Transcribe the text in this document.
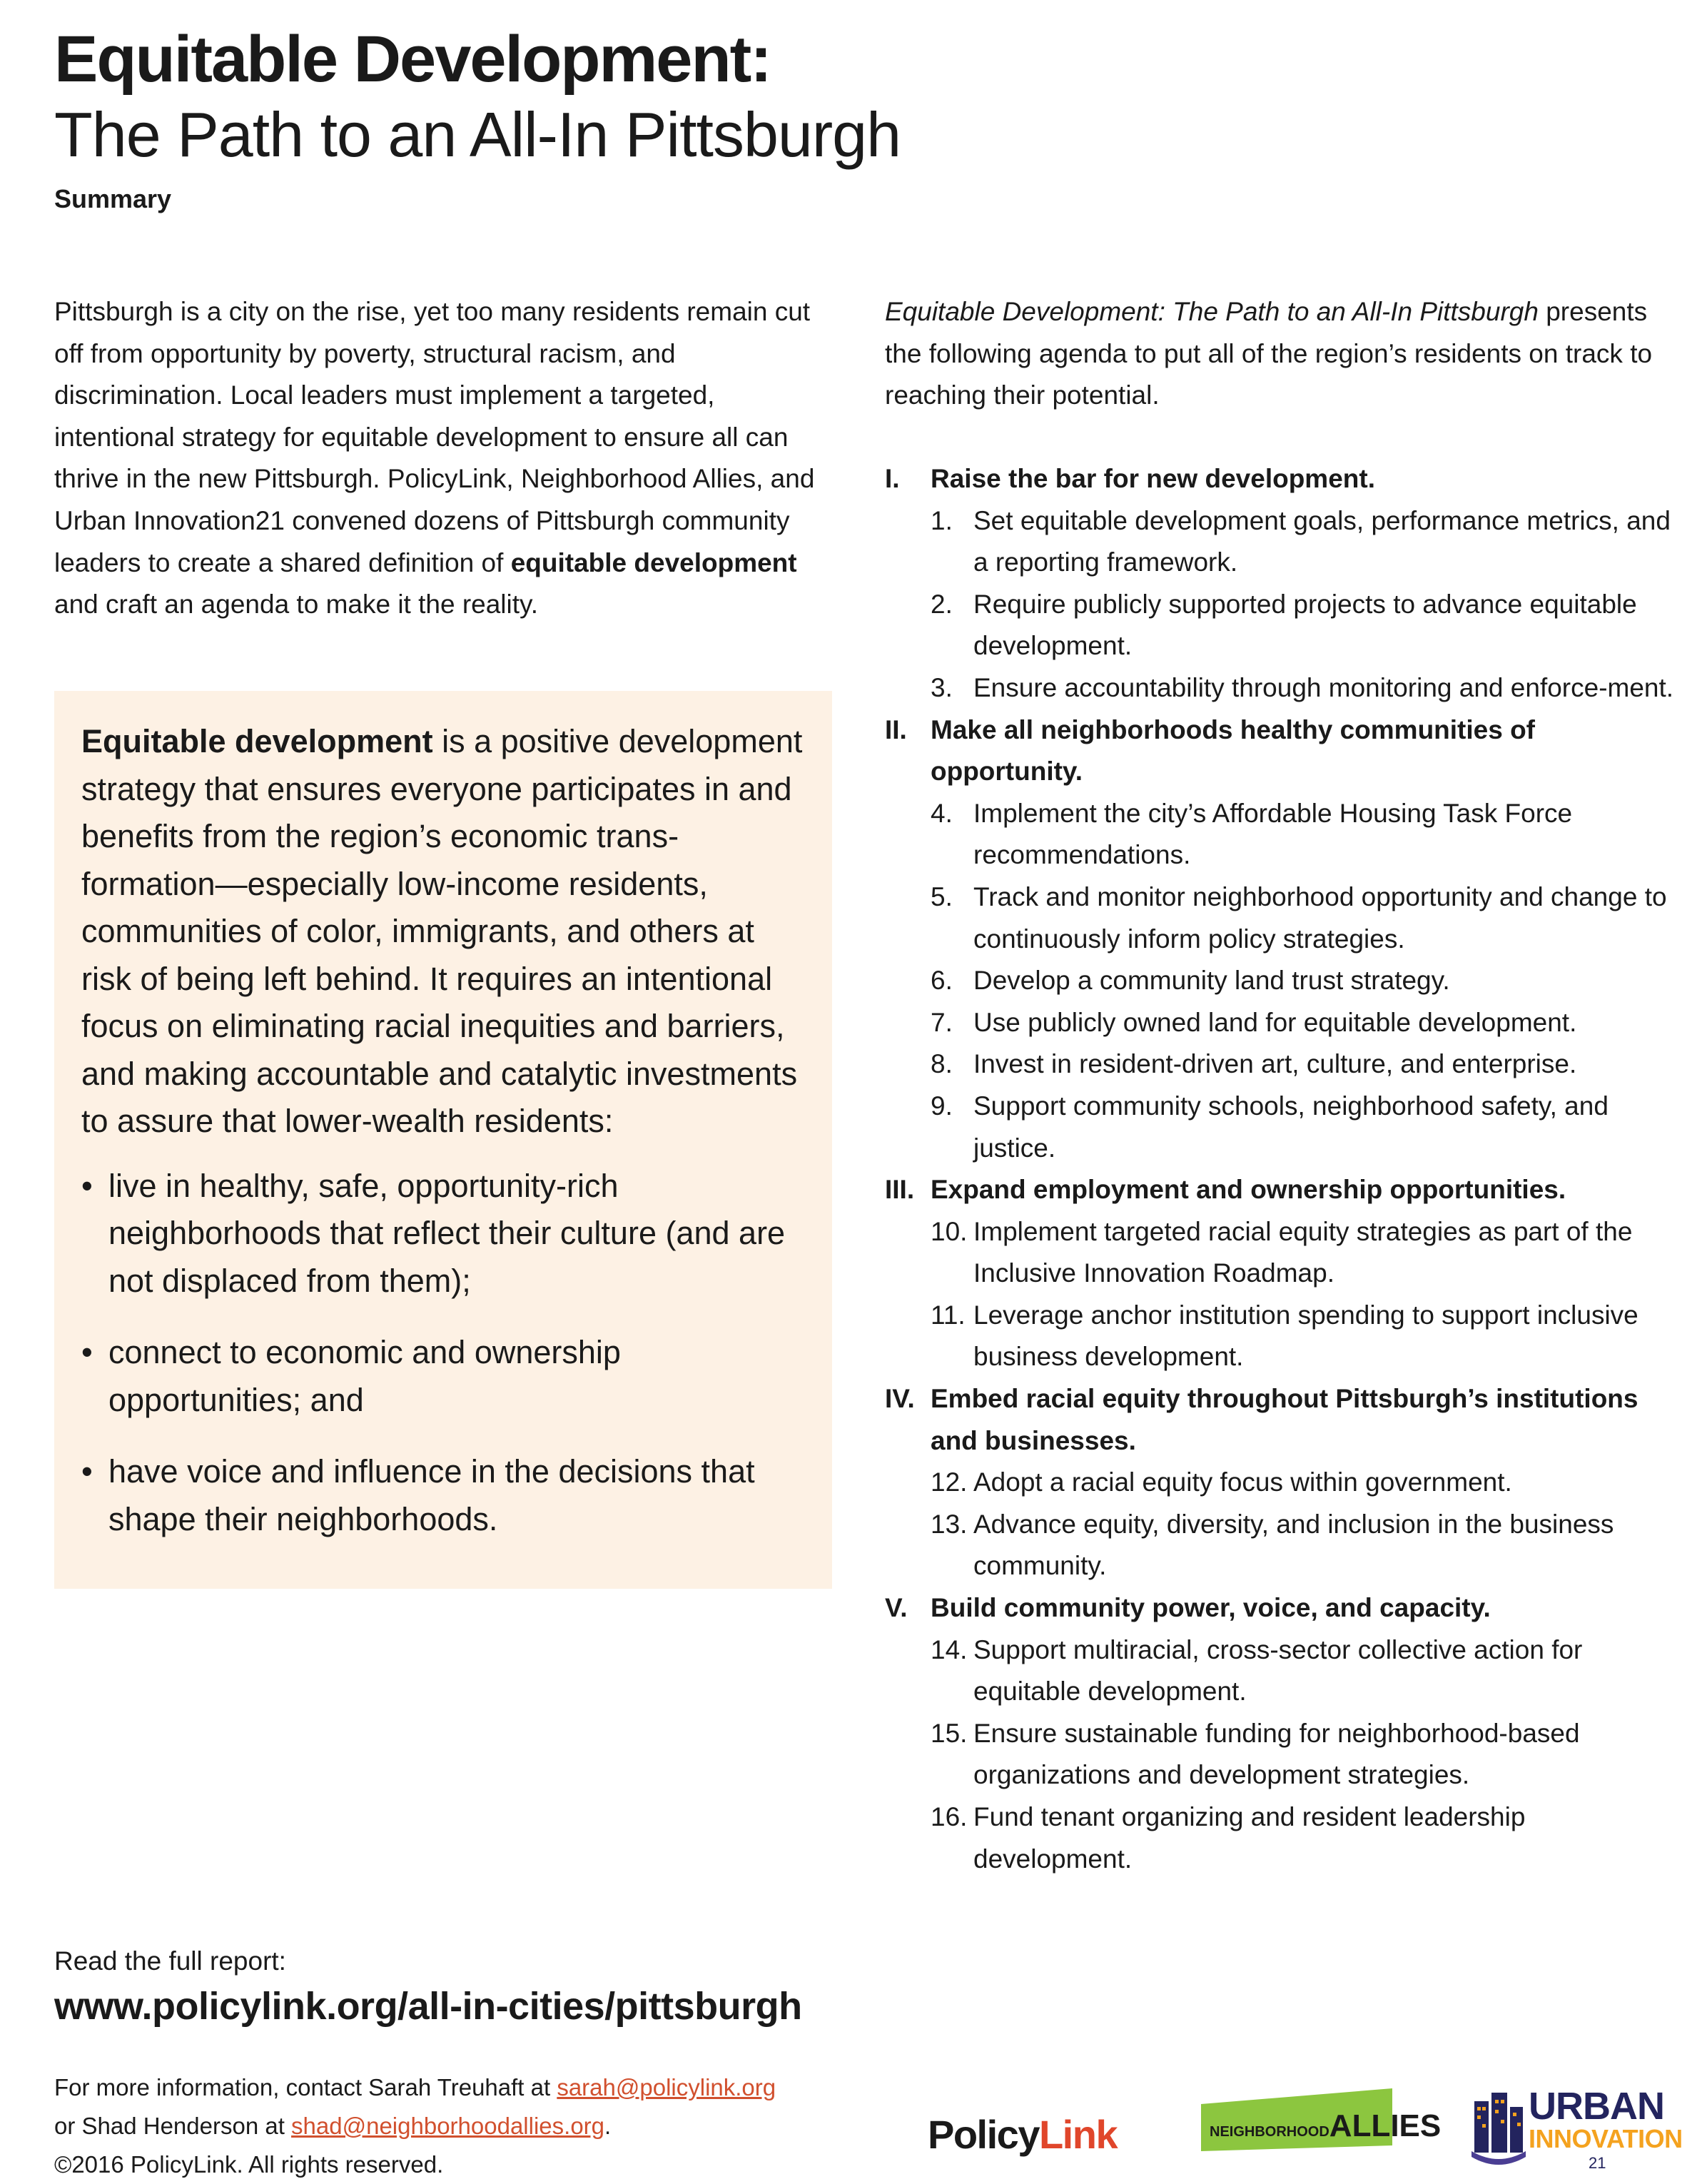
Equitable Development:
The Path to an All-In Pittsburgh
Summary

Pittsburgh is a city on the rise, yet too many residents remain cut off from opportunity by poverty, structural racism, and discrimination. Local leaders must implement a targeted, intentional strategy for equitable development to ensure all can thrive in the new Pittsburgh. PolicyLink, Neighborhood Allies, and Urban Innovation21 convened dozens of Pittsburgh community leaders to create a shared definition of equitable development and craft an agenda to make it the reality.

Equitable development is a positive development strategy that ensures everyone participates in and benefits from the region’s economic trans-formation—especially low-income residents, communities of color, immigrants, and others at risk of being left behind. It requires an intentional focus on eliminating racial inequities and barriers, and making accountable and catalytic investments to assure that lower-wealth residents:

• live in healthy, safe, opportunity-rich neighborhoods that reflect their culture (and are not displaced from them);
• connect to economic and ownership opportunities; and
• have voice and influence in the decisions that shape their neighborhoods.

Equitable Development: The Path to an All-In Pittsburgh presents the following agenda to put all of the region’s residents on track to reaching their potential.

I. Raise the bar for new development.
1. Set equitable development goals, performance metrics, and a reporting framework.
2. Require publicly supported projects to advance equitable development.
3. Ensure accountability through monitoring and enforce-ment.
II. Make all neighborhoods healthy communities of opportunity.
4. Implement the city’s Affordable Housing Task Force recommendations.
5. Track and monitor neighborhood opportunity and change to continuously inform policy strategies.
6. Develop a community land trust strategy.
7. Use publicly owned land for equitable development.
8. Invest in resident-driven art, culture, and enterprise.
9. Support community schools, neighborhood safety, and justice.
III. Expand employment and ownership opportunities.
10. Implement targeted racial equity strategies as part of the Inclusive Innovation Roadmap.
11. Leverage anchor institution spending to support inclusive business development.
IV. Embed racial equity throughout Pittsburgh’s institutions and businesses.
12. Adopt a racial equity focus within government.
13. Advance equity, diversity, and inclusion in the business community.
V. Build community power, voice, and capacity.
14. Support multiracial, cross-sector collective action for equitable development.
15. Ensure sustainable funding for neighborhood-based organizations and development strategies.
16. Fund tenant organizing and resident leadership development.
Read the full report:
www.policylink.org/all-in-cities/pittsburgh
For more information, contact Sarah Treuhaft at sarah@policylink.org
or Shad Henderson at shad@neighborhoodallies.org.
©2016 PolicyLink. All rights reserved.
PolicyLink	NEIGHBORHOODALLIES URBAN
INNOVATION
21
